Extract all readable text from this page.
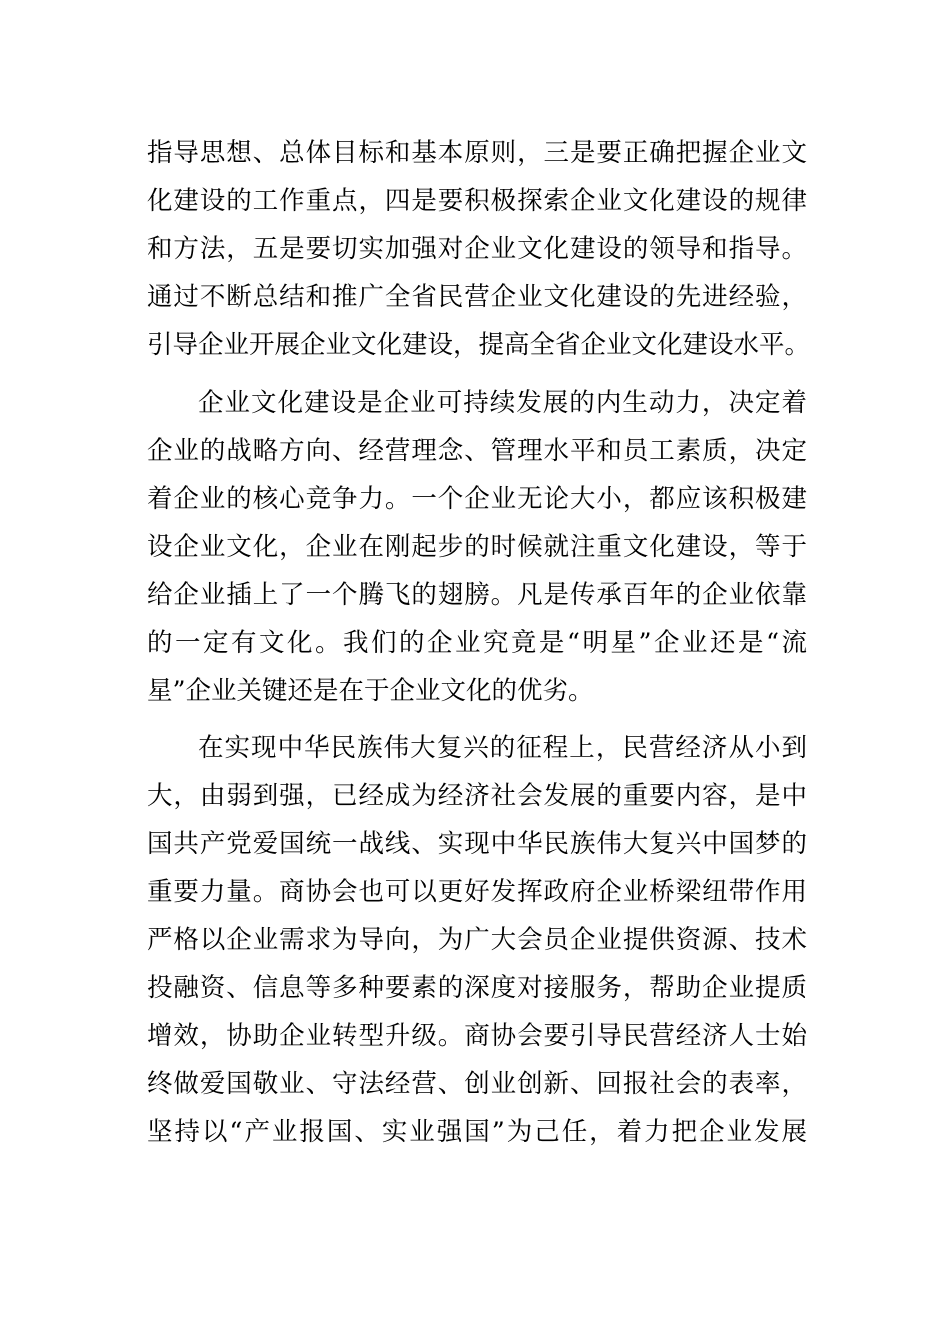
指导思想、总体目标和基本原则，三是要正确把握企业文
化建设的工作重点，四是要积极探索企业文化建设的规律
和方法，五是要切实加强对企业文化建设的领导和指导。
通过不断总结和推广全省民营企业文化建设的先进经验，
引导企业开展企业文化建设，提高全省企业文化建设水平。
企业文化建设是企业可持续发展的内生动力，决定着
企业的战略方向、经营理念、管理水平和员工素质，决定
着企业的核心竞争力。一个企业无论大小，都应该积极建
设企业文化，企业在刚起步的时候就注重文化建设，等于
给企业插上了一个腾飞的翅膀。凡是传承百年的企业依靠
的一定有文化。我们的企业究竟是“明星”企业还是“流
星”企业关键还是在于企业文化的优劣。
在实现中华民族伟大复兴的征程上，民营经济从小到
大，由弱到强，已经成为经济社会发展的重要内容，是中
国共产党爱国统一战线、实现中华民族伟大复兴中国梦的
重要力量。商协会也可以更好发挥政府企业桥梁纽带作用
严格以企业需求为导向，为广大会员企业提供资源、技术
投融资、信息等多种要素的深度对接服务，帮助企业提质
增效，协助企业转型升级。商协会要引导民营经济人士始
终做爱国敬业、守法经营、创业创新、回报社会的表率，
坚持以“产业报国、实业强国”为己任，着力把企业发展
